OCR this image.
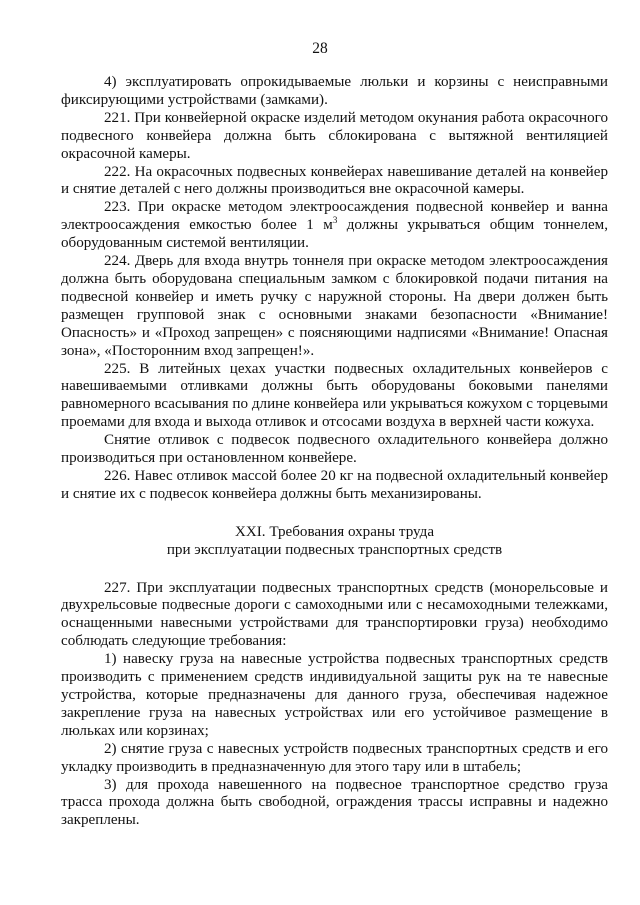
28

4) эксплуатировать опрокидываемые люльки и корзины с неисправными фиксирующими устройствами (замками).

221. При конвейерной окраске изделий методом окунания работа окрасочного подвесного конвейера должна быть сблокирована с вытяжной вентиляцией окрасочной камеры.

222. На окрасочных подвесных конвейерах навешивание деталей на конвейер и снятие деталей с него должны производиться вне окрасочной камеры.

223. При окраске методом электроосаждения подвесной конвейер и ванна электроосаждения емкостью более 1 $м^3$ должны укрываться общим тоннелем, оборудованным системой вентиляции.

224. Дверь для входа внутрь тоннеля при окраске методом электроосаждения должна быть оборудована специальным замком с блокировкой подачи питания на подвесной конвейер и иметь ручку с наружной стороны. На двери должен быть размещен групповой знак с основными знаками безопасности «Внимание! Опасность» и «Проход запрещен» с поясняющими надписями «Внимание! Опасная зона», «Посторонним вход запрещен!».

225. В литейных цехах участки подвесных охладительных конвейеров с навешиваемыми отливками должны быть оборудованы боковыми панелями равномерного всасывания по длине конвейера или укрываться кожухом с торцевыми проемами для входа и выхода отливок и отсосами воздуха в верхней части кожуха.

Снятие отливок с подвесок подвесного охладительного конвейера должно производиться при остановленном конвейере.

226. Навес отливок массой более 20 кг на подвесной охладительный конвейер и снятие их с подвесок конвейера должны быть механизированы.

XXI. Требования охраны труда

при эксплуатации подвесных транспортных средств

227. При эксплуатации подвесных транспортных средств (монорельсовые и двухрельсовые подвесные дороги с самоходными или с несамоходными тележками, оснащенными навесными устройствами для транспортировки груза) необходимо соблюдать следующие требования:

1) навеску груза на навесные устройства подвесных транспортных средств производить с применением средств индивидуальной защиты рук на те навесные устройства, которые предназначены для данного груза, обеспечивая надежное закрепление груза на навесных устройствах или его устойчивое размещение в люльках или корзинах;

2) снятие груза с навесных устройств подвесных транспортных средств и его укладку производить в предназначенную для этого тару или в штабель;

3) для прохода навешенного на подвесное транспортное средство груза трасса прохода должна быть свободной, ограждения трассы исправны и надежно закреплены.
